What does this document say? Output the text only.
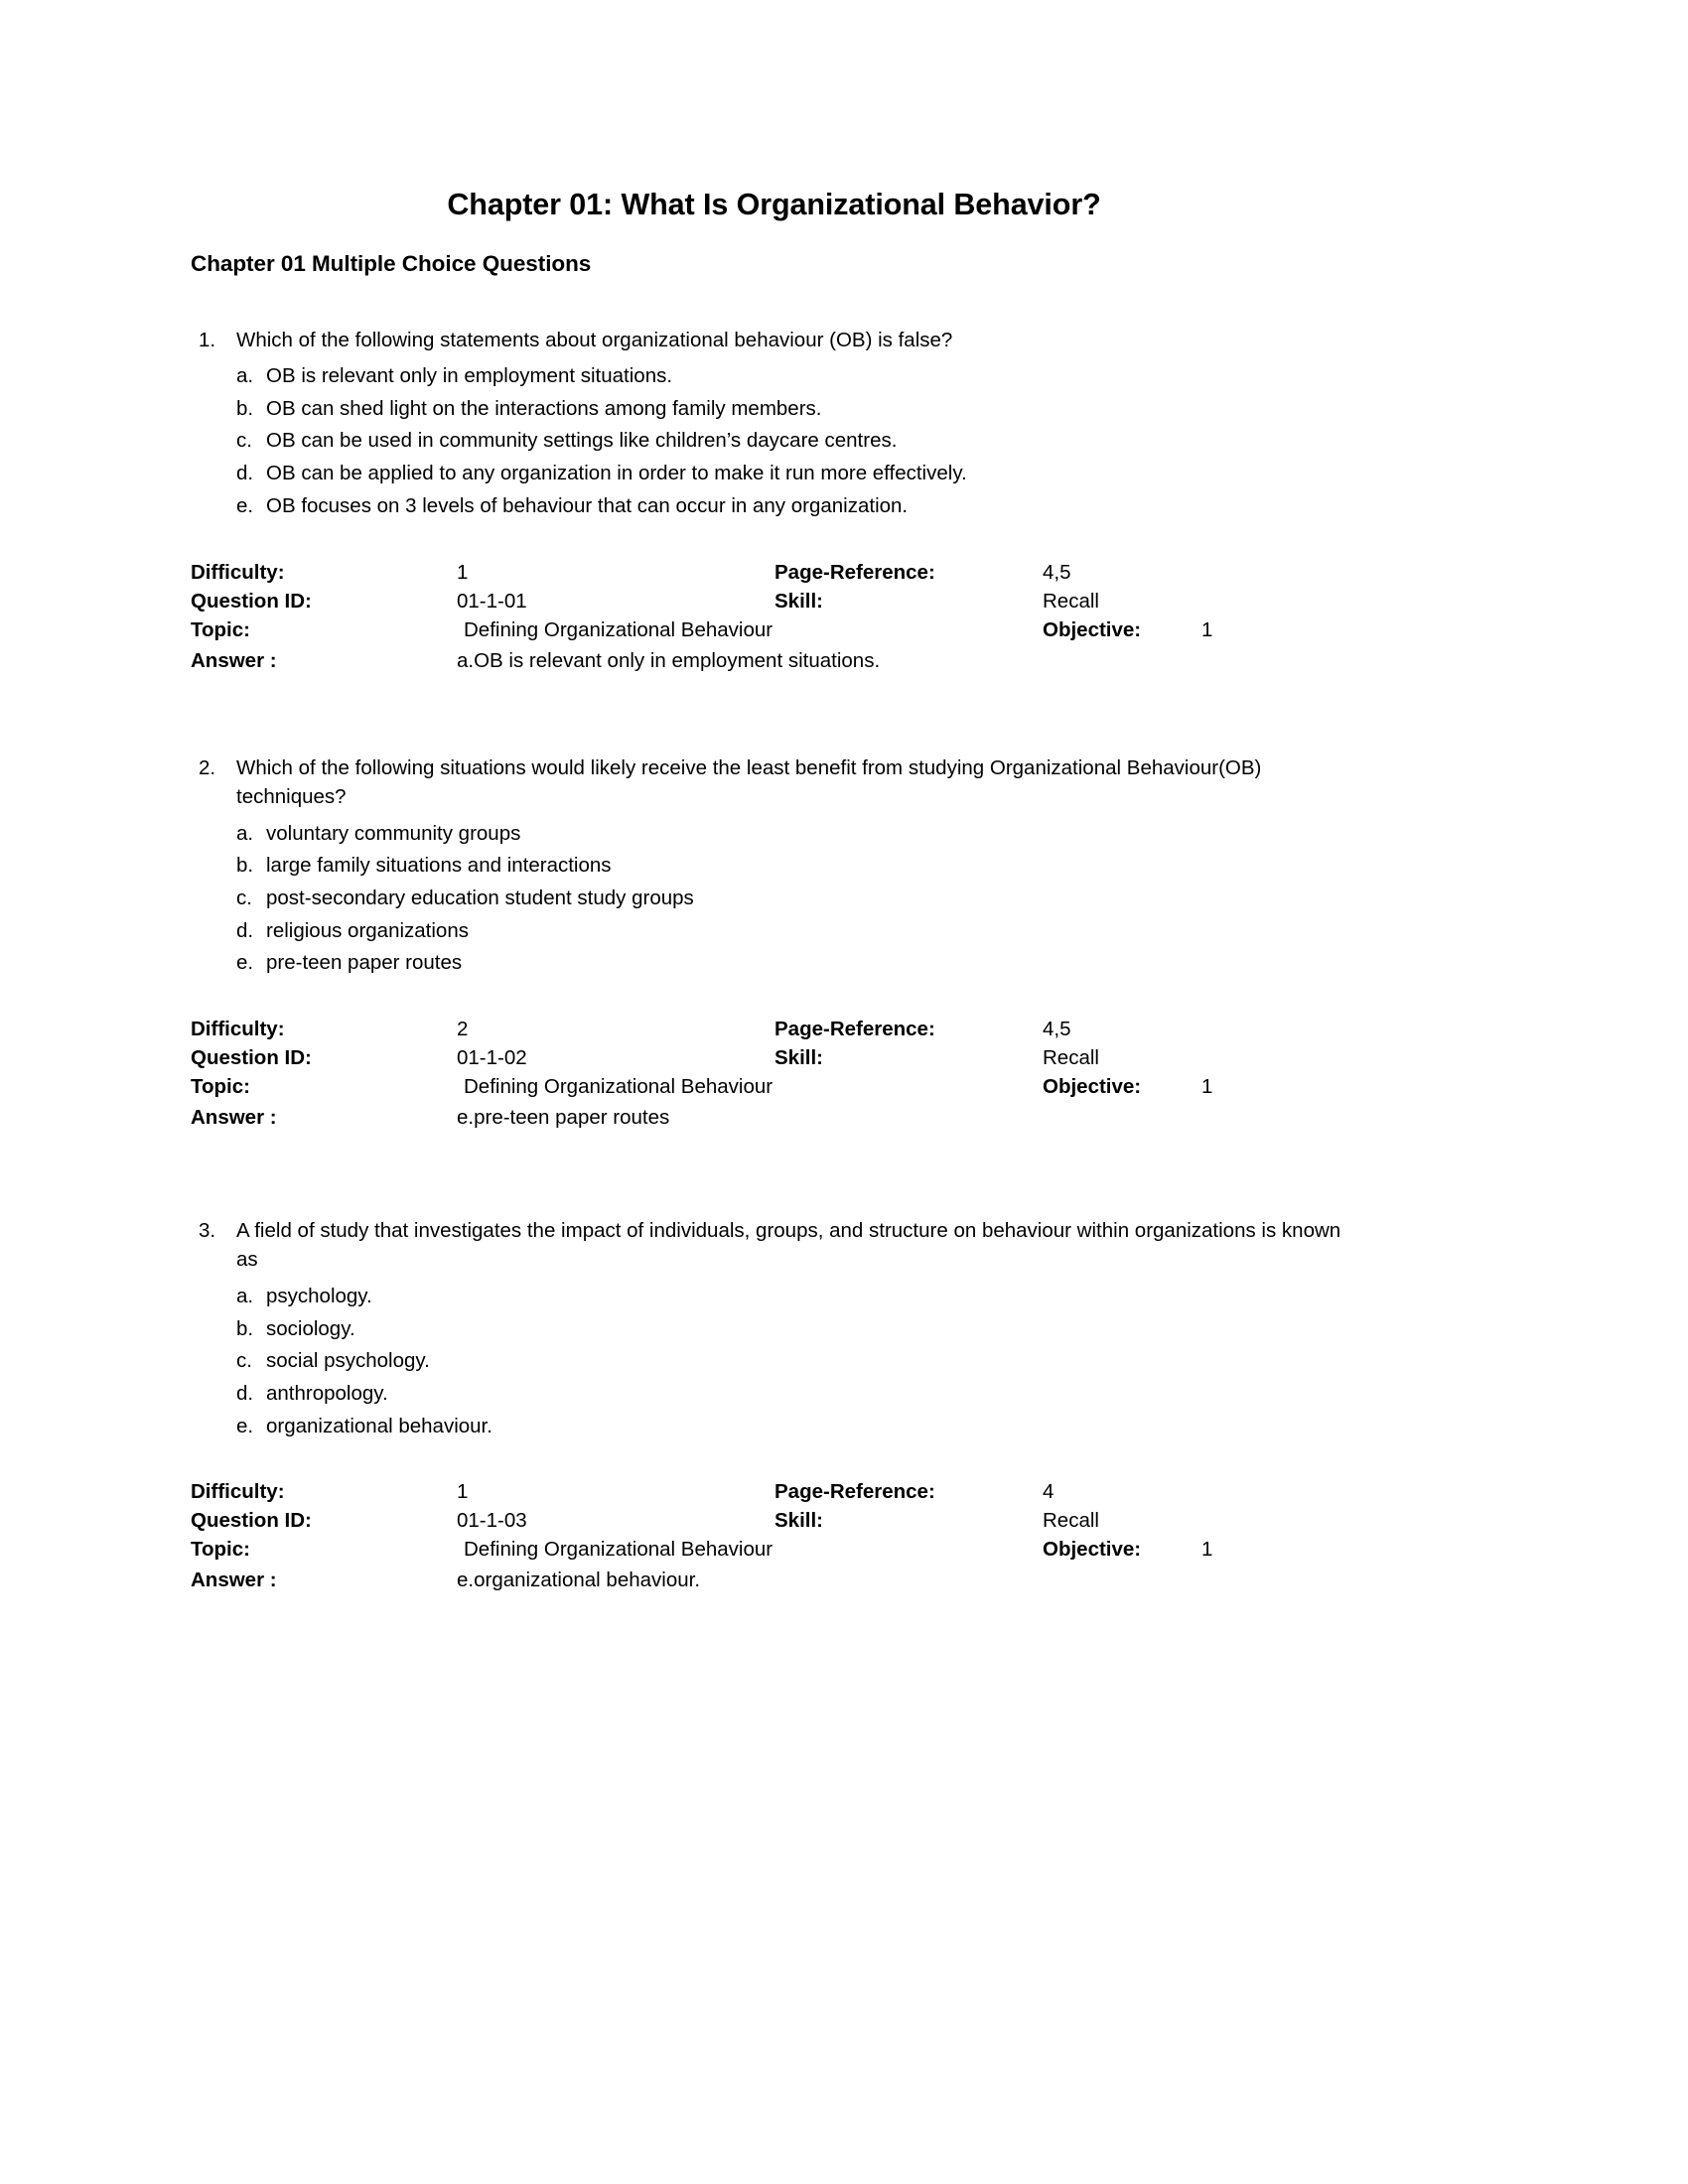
Chapter 01: What Is Organizational Behavior?
Chapter 01 Multiple Choice Questions
1.	Which of the following statements about organizational behaviour (OB) is false?
a. OB is relevant only in employment situations.
b. OB can shed light on the interactions among family members.
c. OB can be used in community settings like children’s daycare centres.
d. OB can be applied to any organization in order to make it run more effectively.
e. OB focuses on 3 levels of behaviour that can occur in any organization.
Difficulty:	1	Page-Reference:	4,5
Question ID:	01-1-01	Skill:	Recall
Topic:	Defining Organizational Behaviour	Objective:	1
Answer :	a.OB is relevant only in employment situations.
2.	Which of the following situations would likely receive the least benefit from studying Organizational Behaviour(OB) techniques?
a. voluntary community groups
b. large family situations and interactions
c. post-secondary education student study groups
d. religious organizations
e. pre-teen paper routes
Difficulty:	2	Page-Reference:	4,5
Question ID:	01-1-02	Skill:	Recall
Topic:	Defining Organizational Behaviour	Objective:	1
Answer :	e.pre-teen paper routes
3.	A field of study that investigates the impact of individuals, groups, and structure on behaviour within organizations is known as
a. psychology.
b. sociology.
c. social psychology.
d. anthropology.
e. organizational behaviour.
Difficulty:	1	Page-Reference:	4
Question ID:	01-1-03	Skill:	Recall
Topic:	Defining Organizational Behaviour	Objective:	1
Answer :	e.organizational behaviour.
